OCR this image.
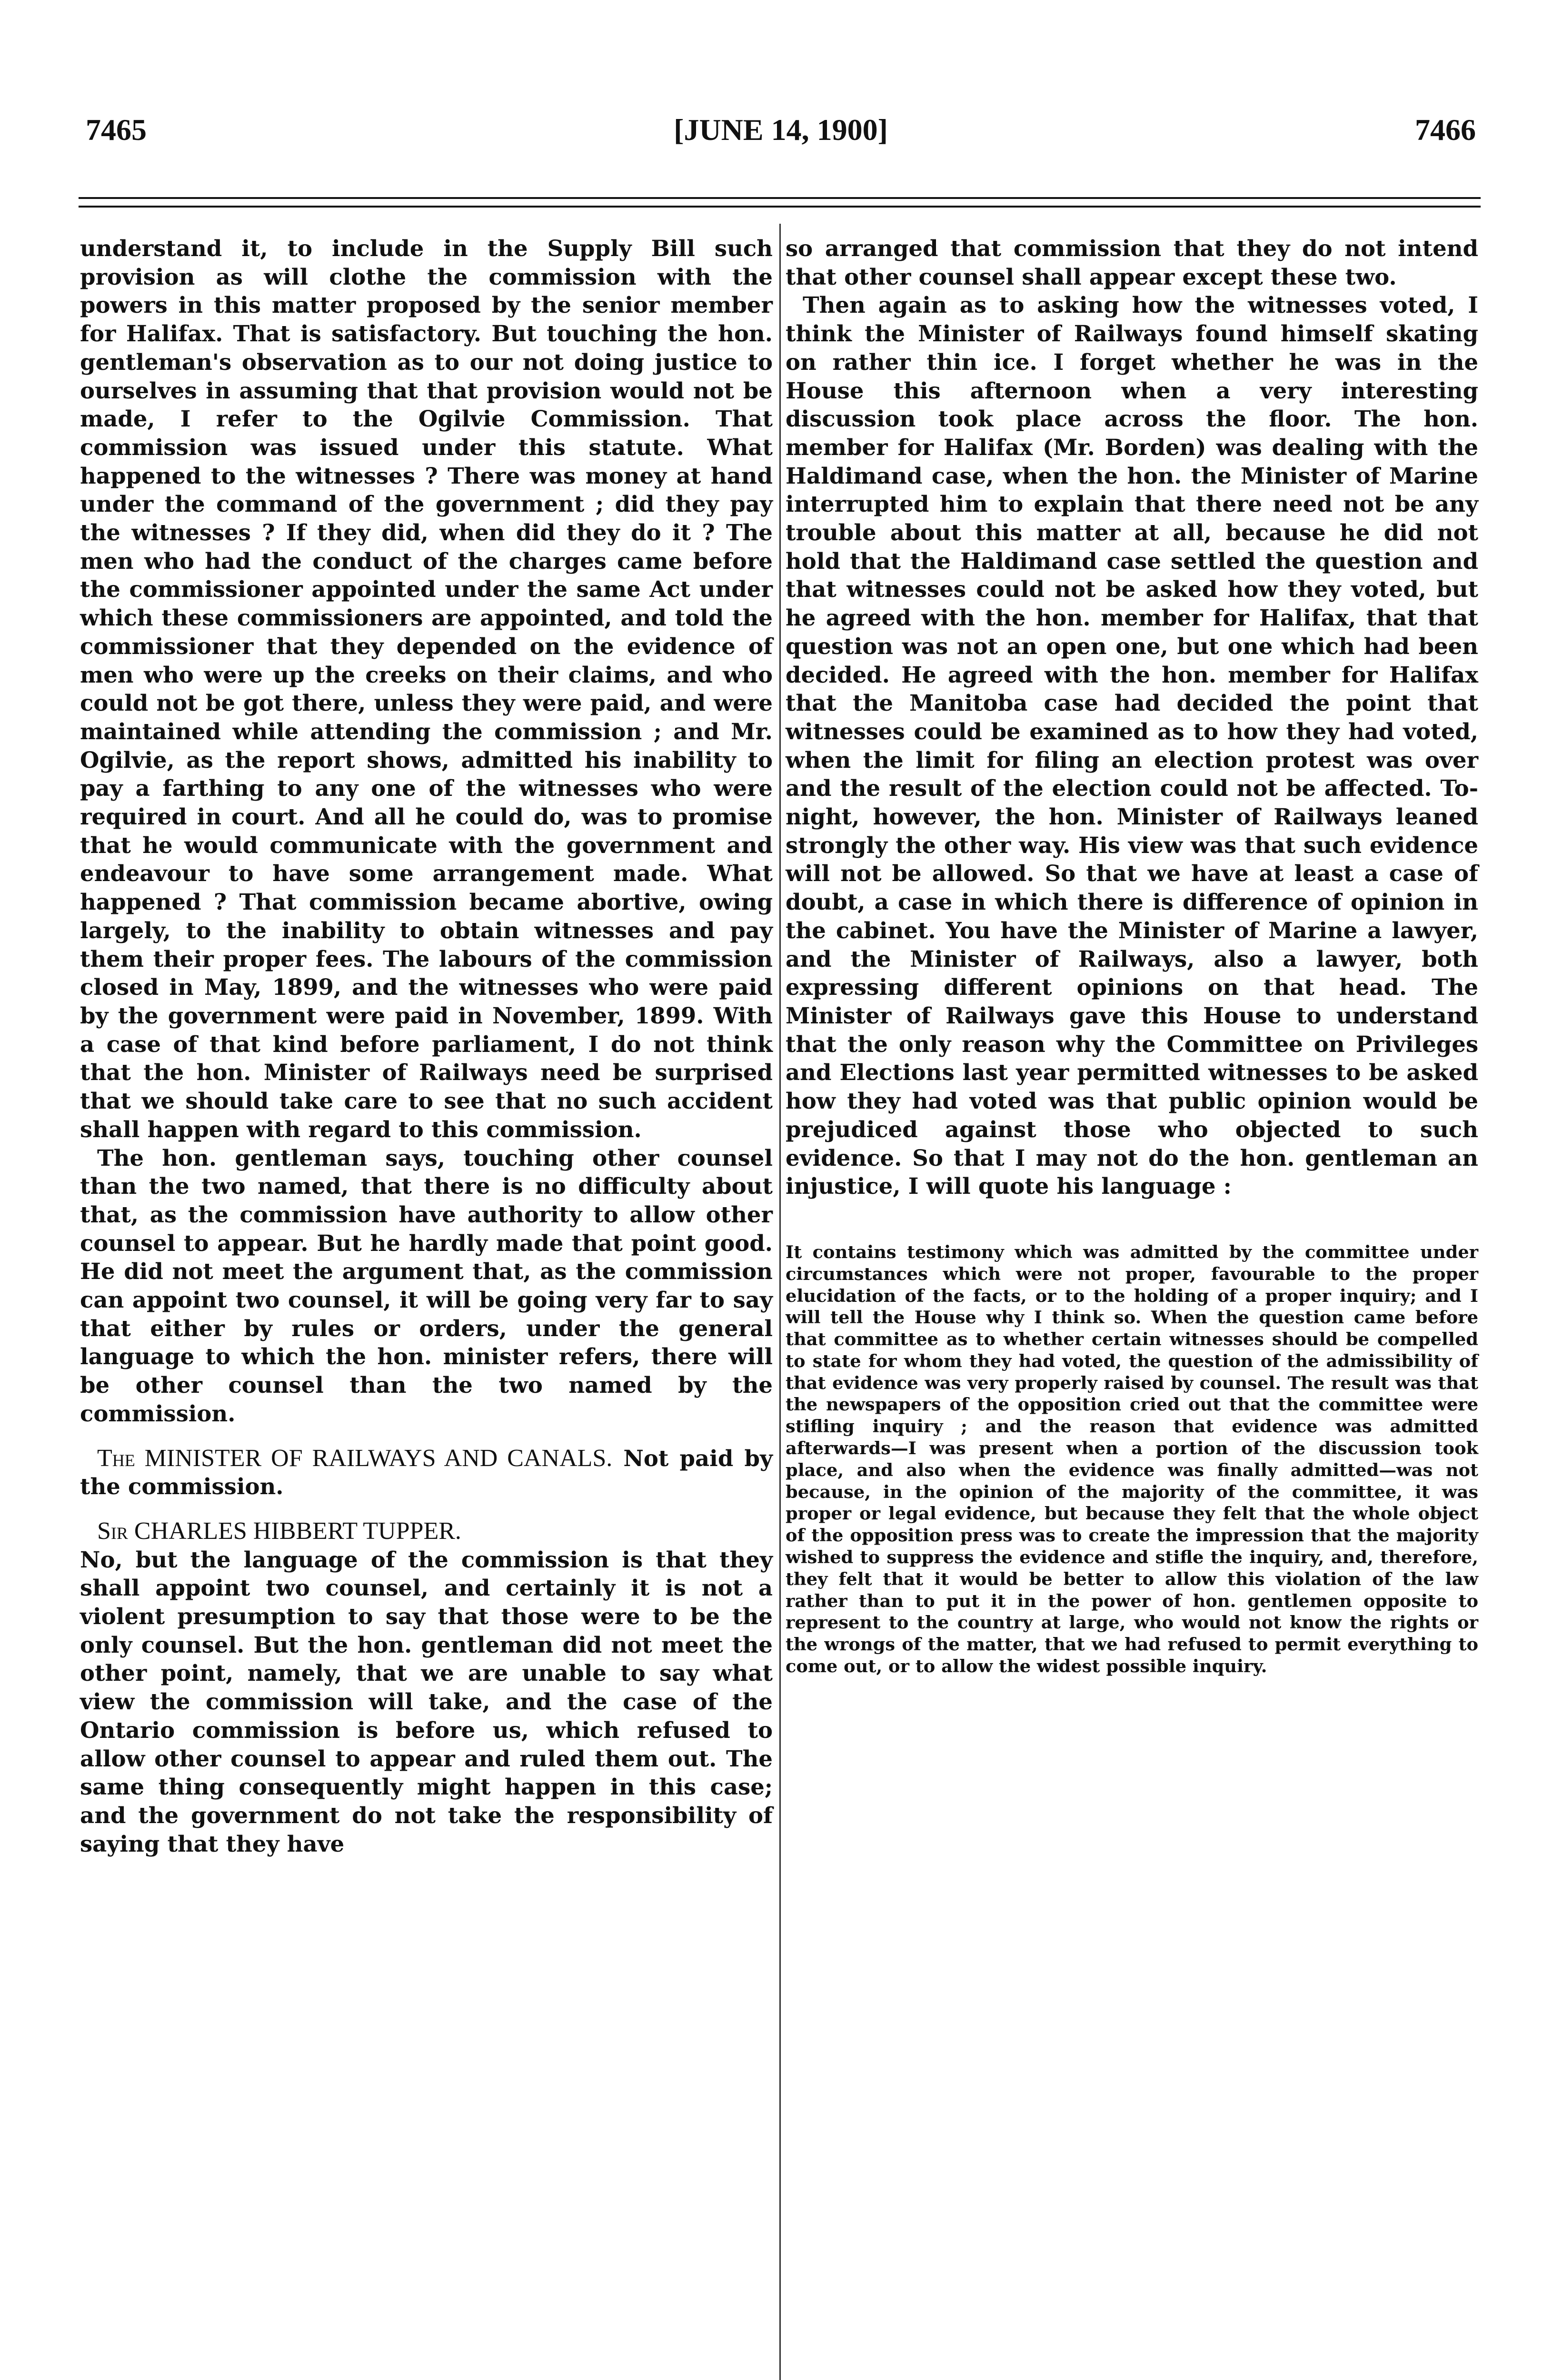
7465	[JUNE 14, 1900]	7466

understand it, to include in the Supply Bill such provision as will clothe the commission with the powers in this matter proposed by the senior member for Halifax. That is satisfactory. But touching the hon. gentleman's observation as to our not doing justice to ourselves in assuming that that provision would not be made, I refer to the Ogilvie Commission. That commission was issued under this statute. What happened to the witnesses ? There was money at hand under the command of the government ; did they pay the witnesses ? If they did, when did they do it ? The men who had the conduct of the charges came before the commissioner appointed under the same Act under which these commissioners are appointed, and told the commissioner that they depended on the evidence of men who were up the creeks on their claims, and who could not be got there, unless they were paid, and were maintained while attending the commission ; and Mr. Ogilvie, as the report shows, admitted his inability to pay a farthing to any one of the witnesses who were required in court. And all he could do, was to promise that he would communicate with the government and endeavour to have some arrangement made. What happened ? That commission became abortive, owing largely, to the inability to obtain witnesses and pay them their proper fees. The labours of the commission closed in May, 1899, and the witnesses who were paid by the government were paid in November, 1899. With a case of that kind before parliament, I do not think that the hon. Minister of Railways need be surprised that we should take care to see that no such accident shall happen with regard to this commission.

The hon. gentleman says, touching other counsel than the two named, that there is no difficulty about that, as the commission have authority to allow other counsel to appear. But he hardly made that point good. He did not meet the argument that, as the commission can appoint two counsel, it will be going very far to say that either by rules or orders, under the general language to which the hon. minister refers, there will be other counsel than the two named by the commission.

The MINISTER OF RAILWAYS AND CANALS. Not paid by the commission.

Sir CHARLES HIBBERT TUPPER.

No, but the language of the commission is that they shall appoint two counsel, and certainly it is not a violent presumption to say that those were to be the only counsel. But the hon. gentleman did not meet the other point, namely, that we are unable to say what view the commission will take, and the case of the Ontario commission is before us, which refused to allow other counsel to appear and ruled them out. The same thing consequently might happen in this case; and the government do not take the responsibility of saying that they have

so arranged that commission that they do not intend that other counsel shall appear except these two.

Then again as to asking how the witnesses voted, I think the Minister of Railways found himself skating on rather thin ice. I forget whether he was in the House this afternoon when a very interesting discussion took place across the floor. The hon. member for Halifax (Mr. Borden) was dealing with the Haldimand case, when the hon. the Minister of Marine interrupted him to explain that there need not be any trouble about this matter at all, because he did not hold that the Haldimand case settled the question and that witnesses could not be asked how they voted, but he agreed with the hon. member for Halifax, that that question was not an open one, but one which had been decided. He agreed with the hon. member for Halifax that the Manitoba case had decided the point that witnesses could be examined as to how they had voted, when the limit for filing an election protest was over and the result of the election could not be affected. To-night, however, the hon. Minister of Railways leaned strongly the other way. His view was that such evidence will not be allowed. So that we have at least a case of doubt, a case in which there is difference of opinion in the cabinet. You have the Minister of Marine a lawyer, and the Minister of Railways, also a lawyer, both expressing different opinions on that head. The Minister of Railways gave this House to understand that the only reason why the Committee on Privileges and Elections last year permitted witnesses to be asked how they had voted was that public opinion would be prejudiced against those who objected to such evidence. So that I may not do the hon. gentleman an injustice, I will quote his language :

It contains testimony which was admitted by the committee under circumstances which were not proper, favourable to the proper elucidation of the facts, or to the holding of a proper inquiry; and I will tell the House why I think so. When the question came before that committee as to whether certain witnesses should be compelled to state for whom they had voted, the question of the admissibility of that evidence was very properly raised by counsel. The result was that the newspapers of the opposition cried out that the committee were stifling inquiry ; and the reason that evidence was admitted afterwards—I was present when a portion of the discussion took place, and also when the evidence was finally admitted—was not because, in the opinion of the majority of the committee, it was proper or legal evidence, but because they felt that the whole object of the opposition press was to create the impression that the majority wished to suppress the evidence and stifle the inquiry, and, therefore, they felt that it would be better to allow this violation of the law rather than to put it in the power of hon. gentlemen opposite to represent to the country at large, who would not know the rights or the wrongs of the matter, that we had refused to permit everything to come out, or to allow the widest possible inquiry.
